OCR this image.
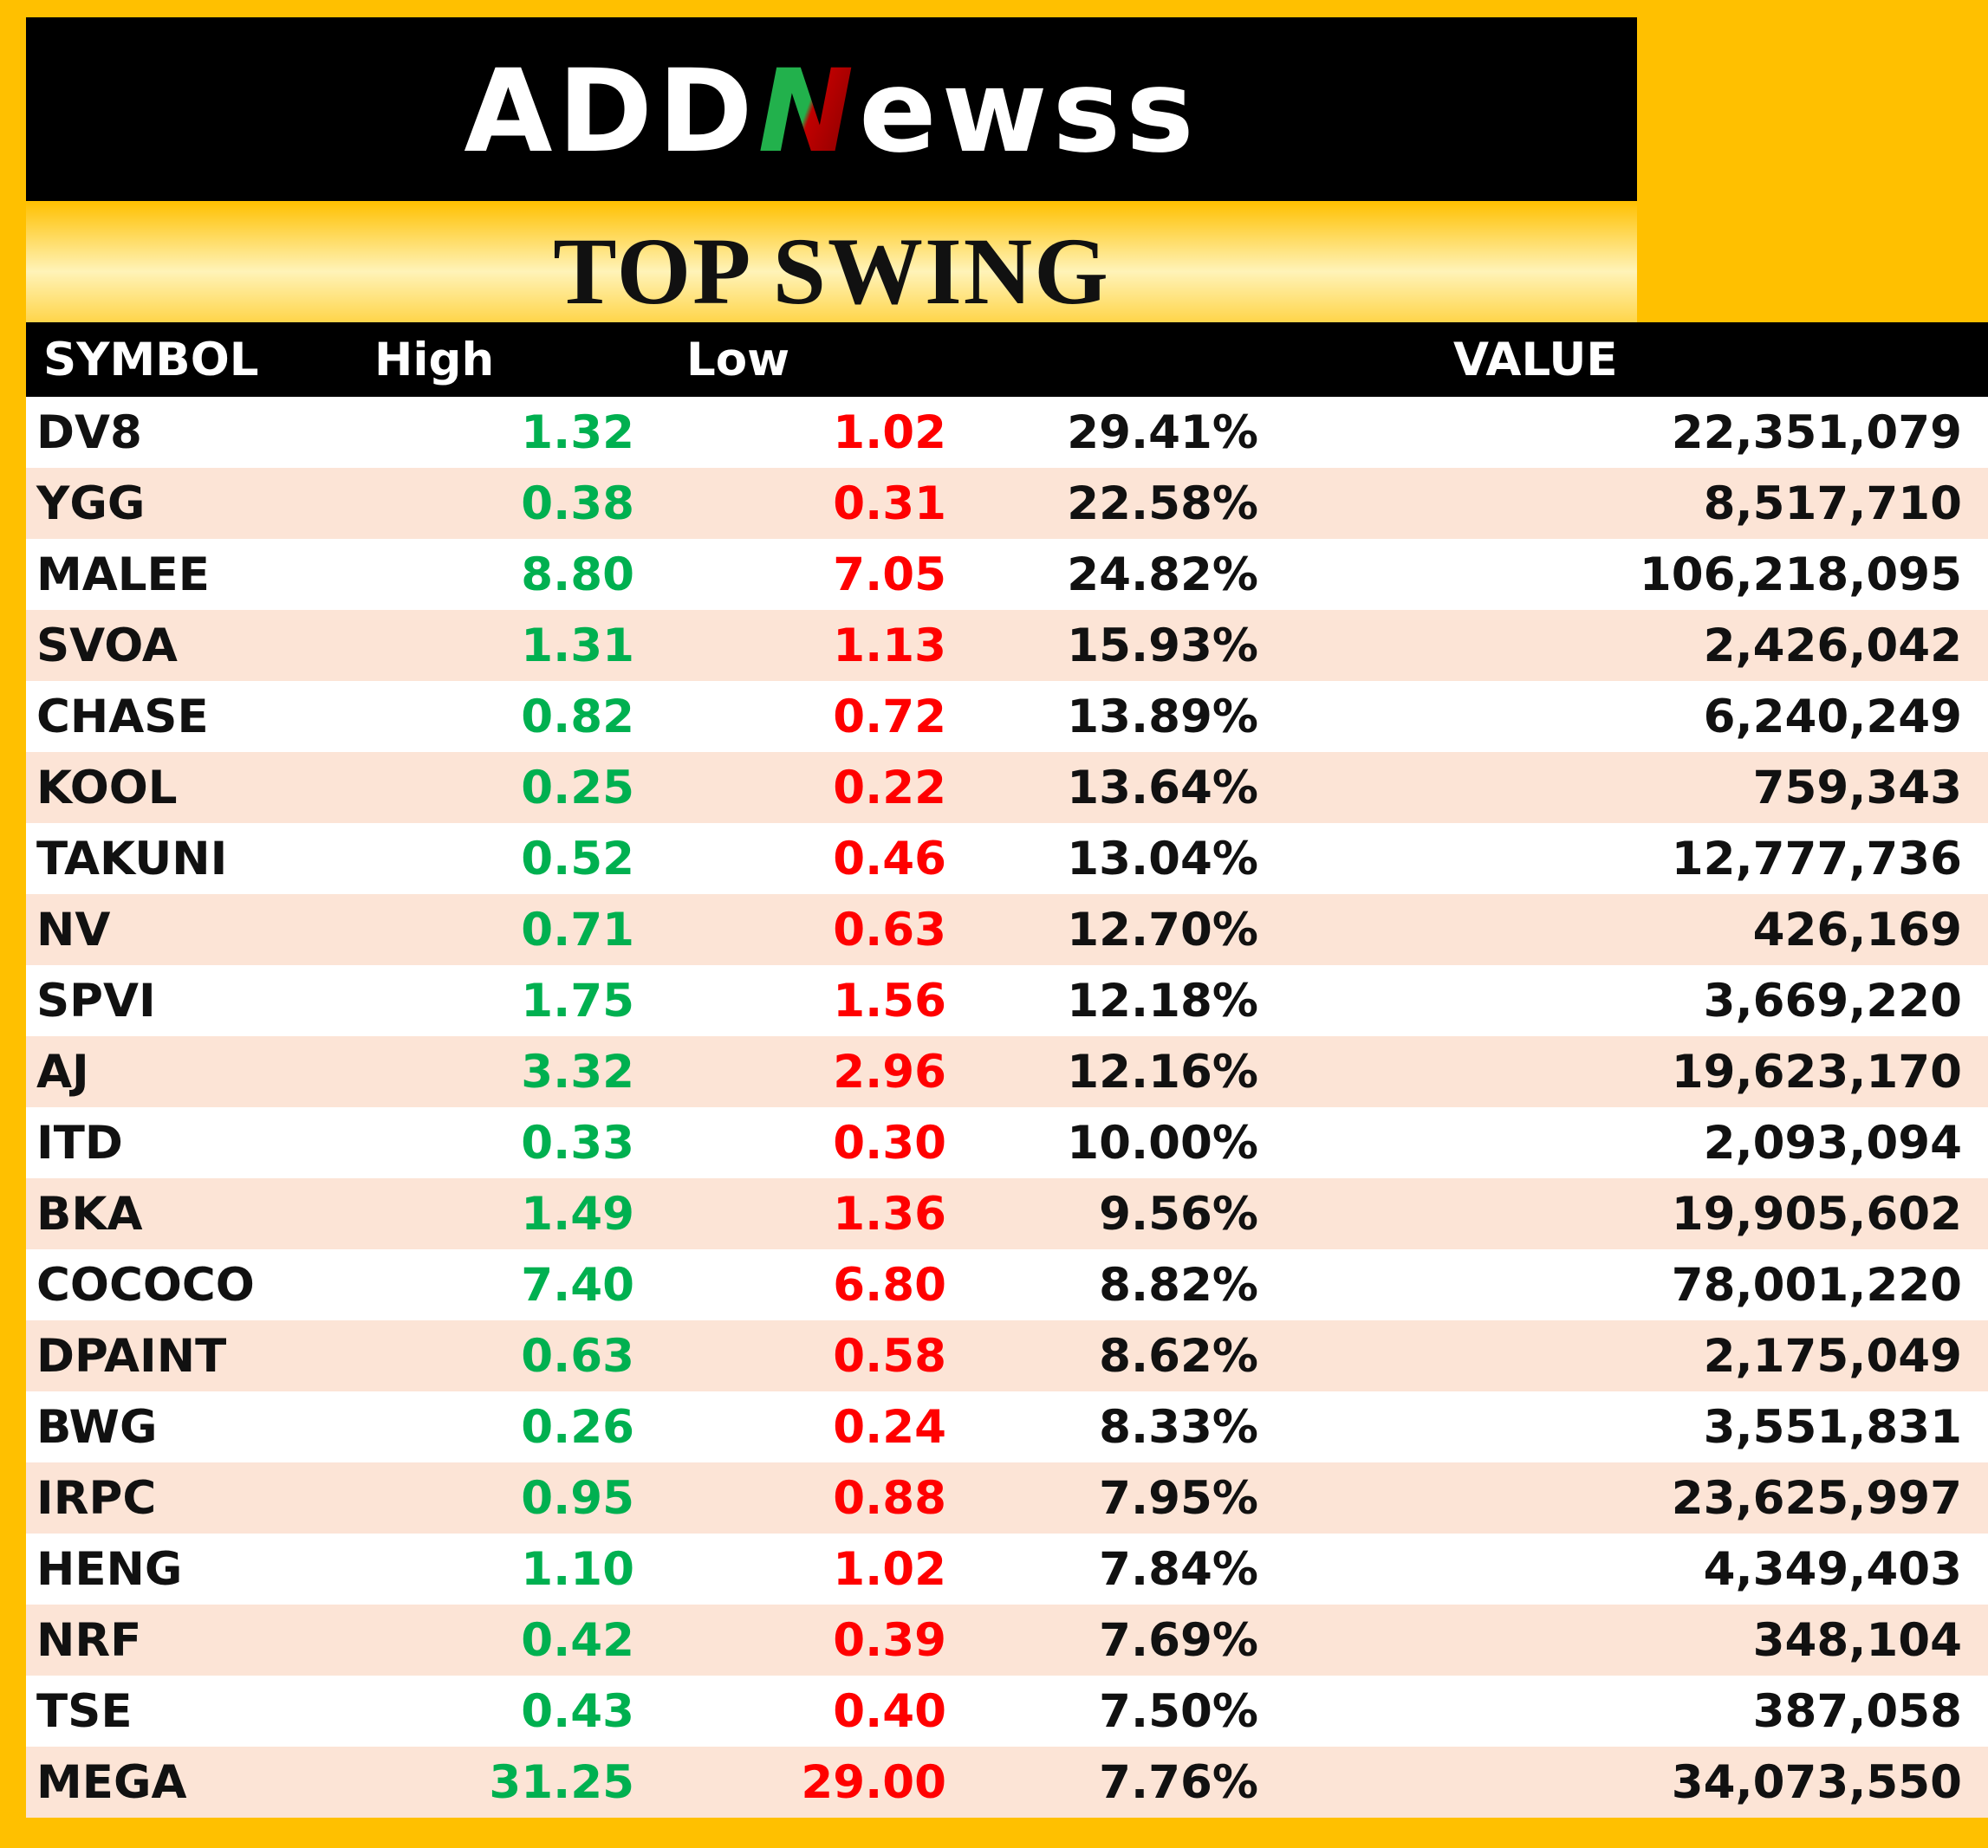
ADDNewss
TOP SWING
SYMBOL	High	Low		VALUE
DV8	1.32	1.02	29.41%	22,351,079
YGG	0.38	0.31	22.58%	8,517,710
MALEE	8.80	7.05	24.82%	106,218,095
SVOA	1.31	1.13	15.93%	2,426,042
CHASE	0.82	0.72	13.89%	6,240,249
KOOL	0.25	0.22	13.64%	759,343
TAKUNI	0.52	0.46	13.04%	12,777,736
NV	0.71	0.63	12.70%	426,169
SPVI	1.75	1.56	12.18%	3,669,220
AJ	3.32	2.96	12.16%	19,623,170
ITD	0.33	0.30	10.00%	2,093,094
BKA	1.49	1.36	9.56%	19,905,602
COCOCO	7.40	6.80	8.82%	78,001,220
DPAINT	0.63	0.58	8.62%	2,175,049
BWG	0.26	0.24	8.33%	3,551,831
IRPC	0.95	0.88	7.95%	23,625,997
HENG	1.10	1.02	7.84%	4,349,403
NRF	0.42	0.39	7.69%	348,104
TSE	0.43	0.40	7.50%	387,058
MEGA	31.25	29.00	7.76%	34,073,550
